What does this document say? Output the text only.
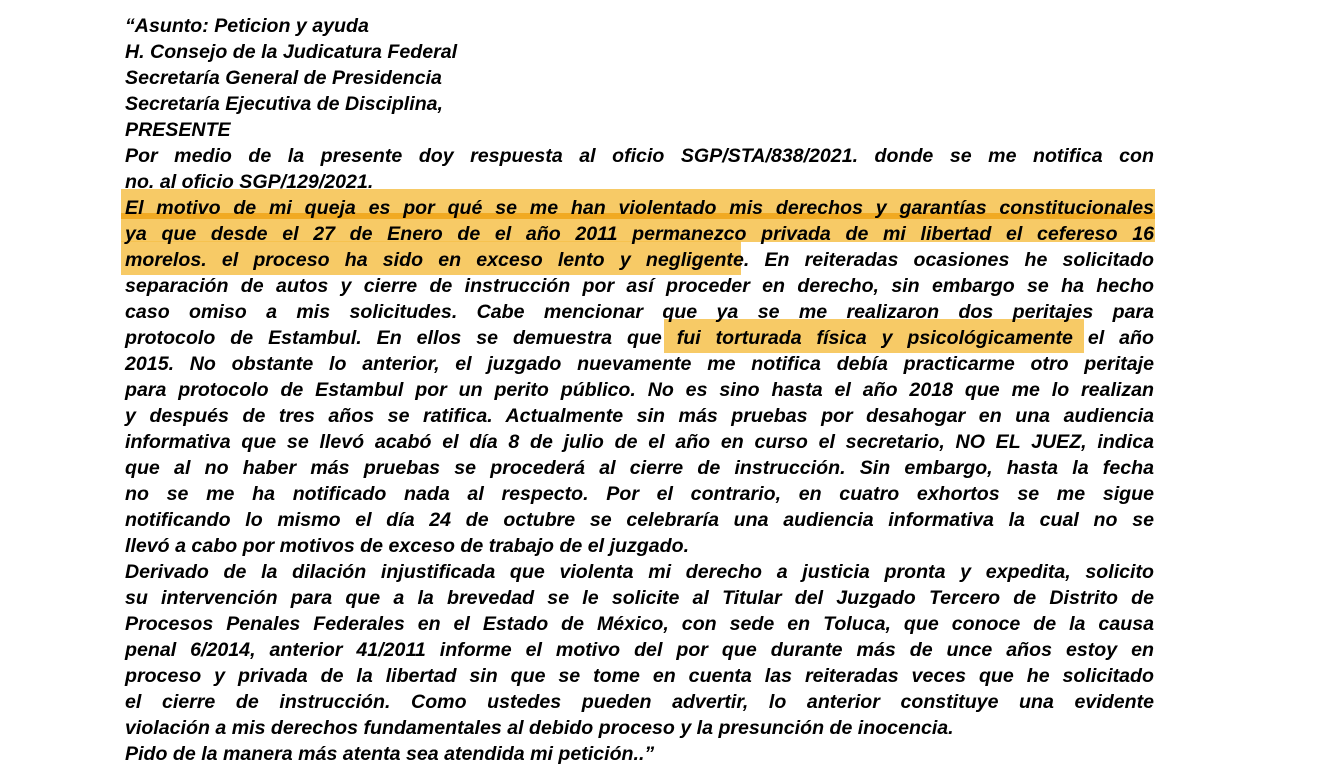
“Asunto: Peticion y ayuda
H. Consejo de la Judicatura Federal
Secretaría General de Presidencia
Secretaría Ejecutiva de Disciplina,
PRESENTE
Por medio de la presente doy respuesta al oficio SGP/STA/838/2021. donde se me notifica con
no. al oficio SGP/129/2021.
El motivo de mi queja es por qué se me han violentado mis derechos y garantías constitucionales
ya que desde el 27 de Enero de el año 2011 permanezco privada de mi libertad el cefereso 16
morelos. el proceso ha sido en exceso lento y negligente. En reiteradas ocasiones he solicitado
separación de autos y cierre de instrucción por así proceder en derecho, sin embargo se ha hecho
caso omiso a mis solicitudes. Cabe mencionar que ya se me realizaron dos peritajes para
protocolo de Estambul. En ellos se demuestra que fui torturada física y psicológicamente el año
2015. No obstante lo anterior, el juzgado nuevamente me notifica debía practicarme otro peritaje
para protocolo de Estambul por un perito público. No es sino hasta el año 2018 que me lo realizan
y después de tres años se ratifica. Actualmente sin más pruebas por desahogar en una audiencia
informativa que se llevó acabó el día 8 de julio de el año en curso el secretario, NO EL JUEZ, indica
que al no haber más pruebas se procederá al cierre de instrucción. Sin embargo, hasta la fecha
no se me ha notificado nada al respecto. Por el contrario, en cuatro exhortos se me sigue
notificando lo mismo el día 24 de octubre se celebraría una audiencia informativa la cual no se
llevó a cabo por motivos de exceso de trabajo de el juzgado.
Derivado de la dilación injustificada que violenta mi derecho a justicia pronta y expedita, solicito
su intervención para que a la brevedad se le solicite al Titular del Juzgado Tercero de Distrito de
Procesos Penales Federales en el Estado de México, con sede en Toluca, que conoce de la causa
penal 6/2014, anterior 41/2011 informe el motivo del por que durante más de unce años estoy en
proceso y privada de la libertad sin que se tome en cuenta las reiteradas veces que he solicitado
el cierre de instrucción. Como ustedes pueden advertir, lo anterior constituye una evidente
violación a mis derechos fundamentales al debido proceso y la presunción de inocencia.
Pido de la manera más atenta sea atendida mi petición..”
